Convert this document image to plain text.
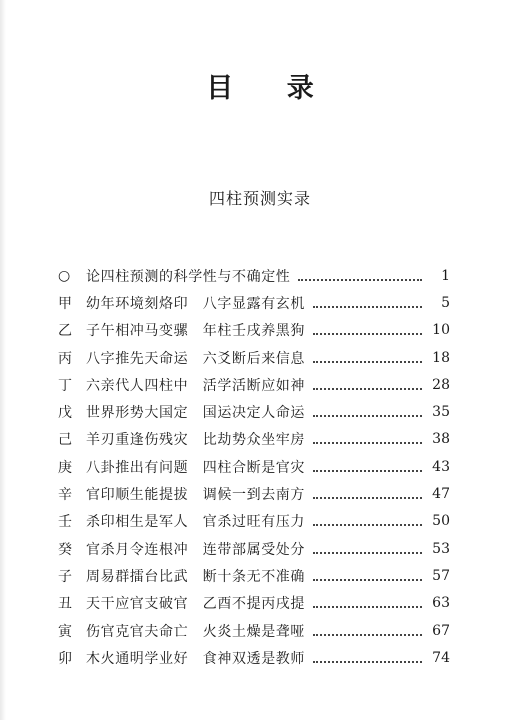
目 录
四柱预测实录
○	论四柱预测的科学性与不确定性	1
甲	幼年环境刻烙印　八字显露有玄机	5
乙	子午相冲马变骡　年柱壬戌养黑狗	10
丙	八字推先天命运　六爻断后来信息	18
丁	六亲代人四柱中　活学活断应如神	28
戊	世界形势大国定　国运决定人命运	35
己	羊刃重逢伤残灾　比劫势众坐牢房	38
庚	八卦推出有问题　四柱合断是官灾	43
辛	官印顺生能提拔　调候一到去南方	47
壬	杀印相生是军人　官杀过旺有压力	50
癸	官杀月令连根冲　连带部属受处分	53
子	周易群擂台比武　断十条无不准确	57
丑	天干应官支破官　乙酉不提丙戌提	63
寅	伤官克官夫命亡　火炎土燥是聋哑	67
卯	木火通明学业好　食神双透是教师	74
